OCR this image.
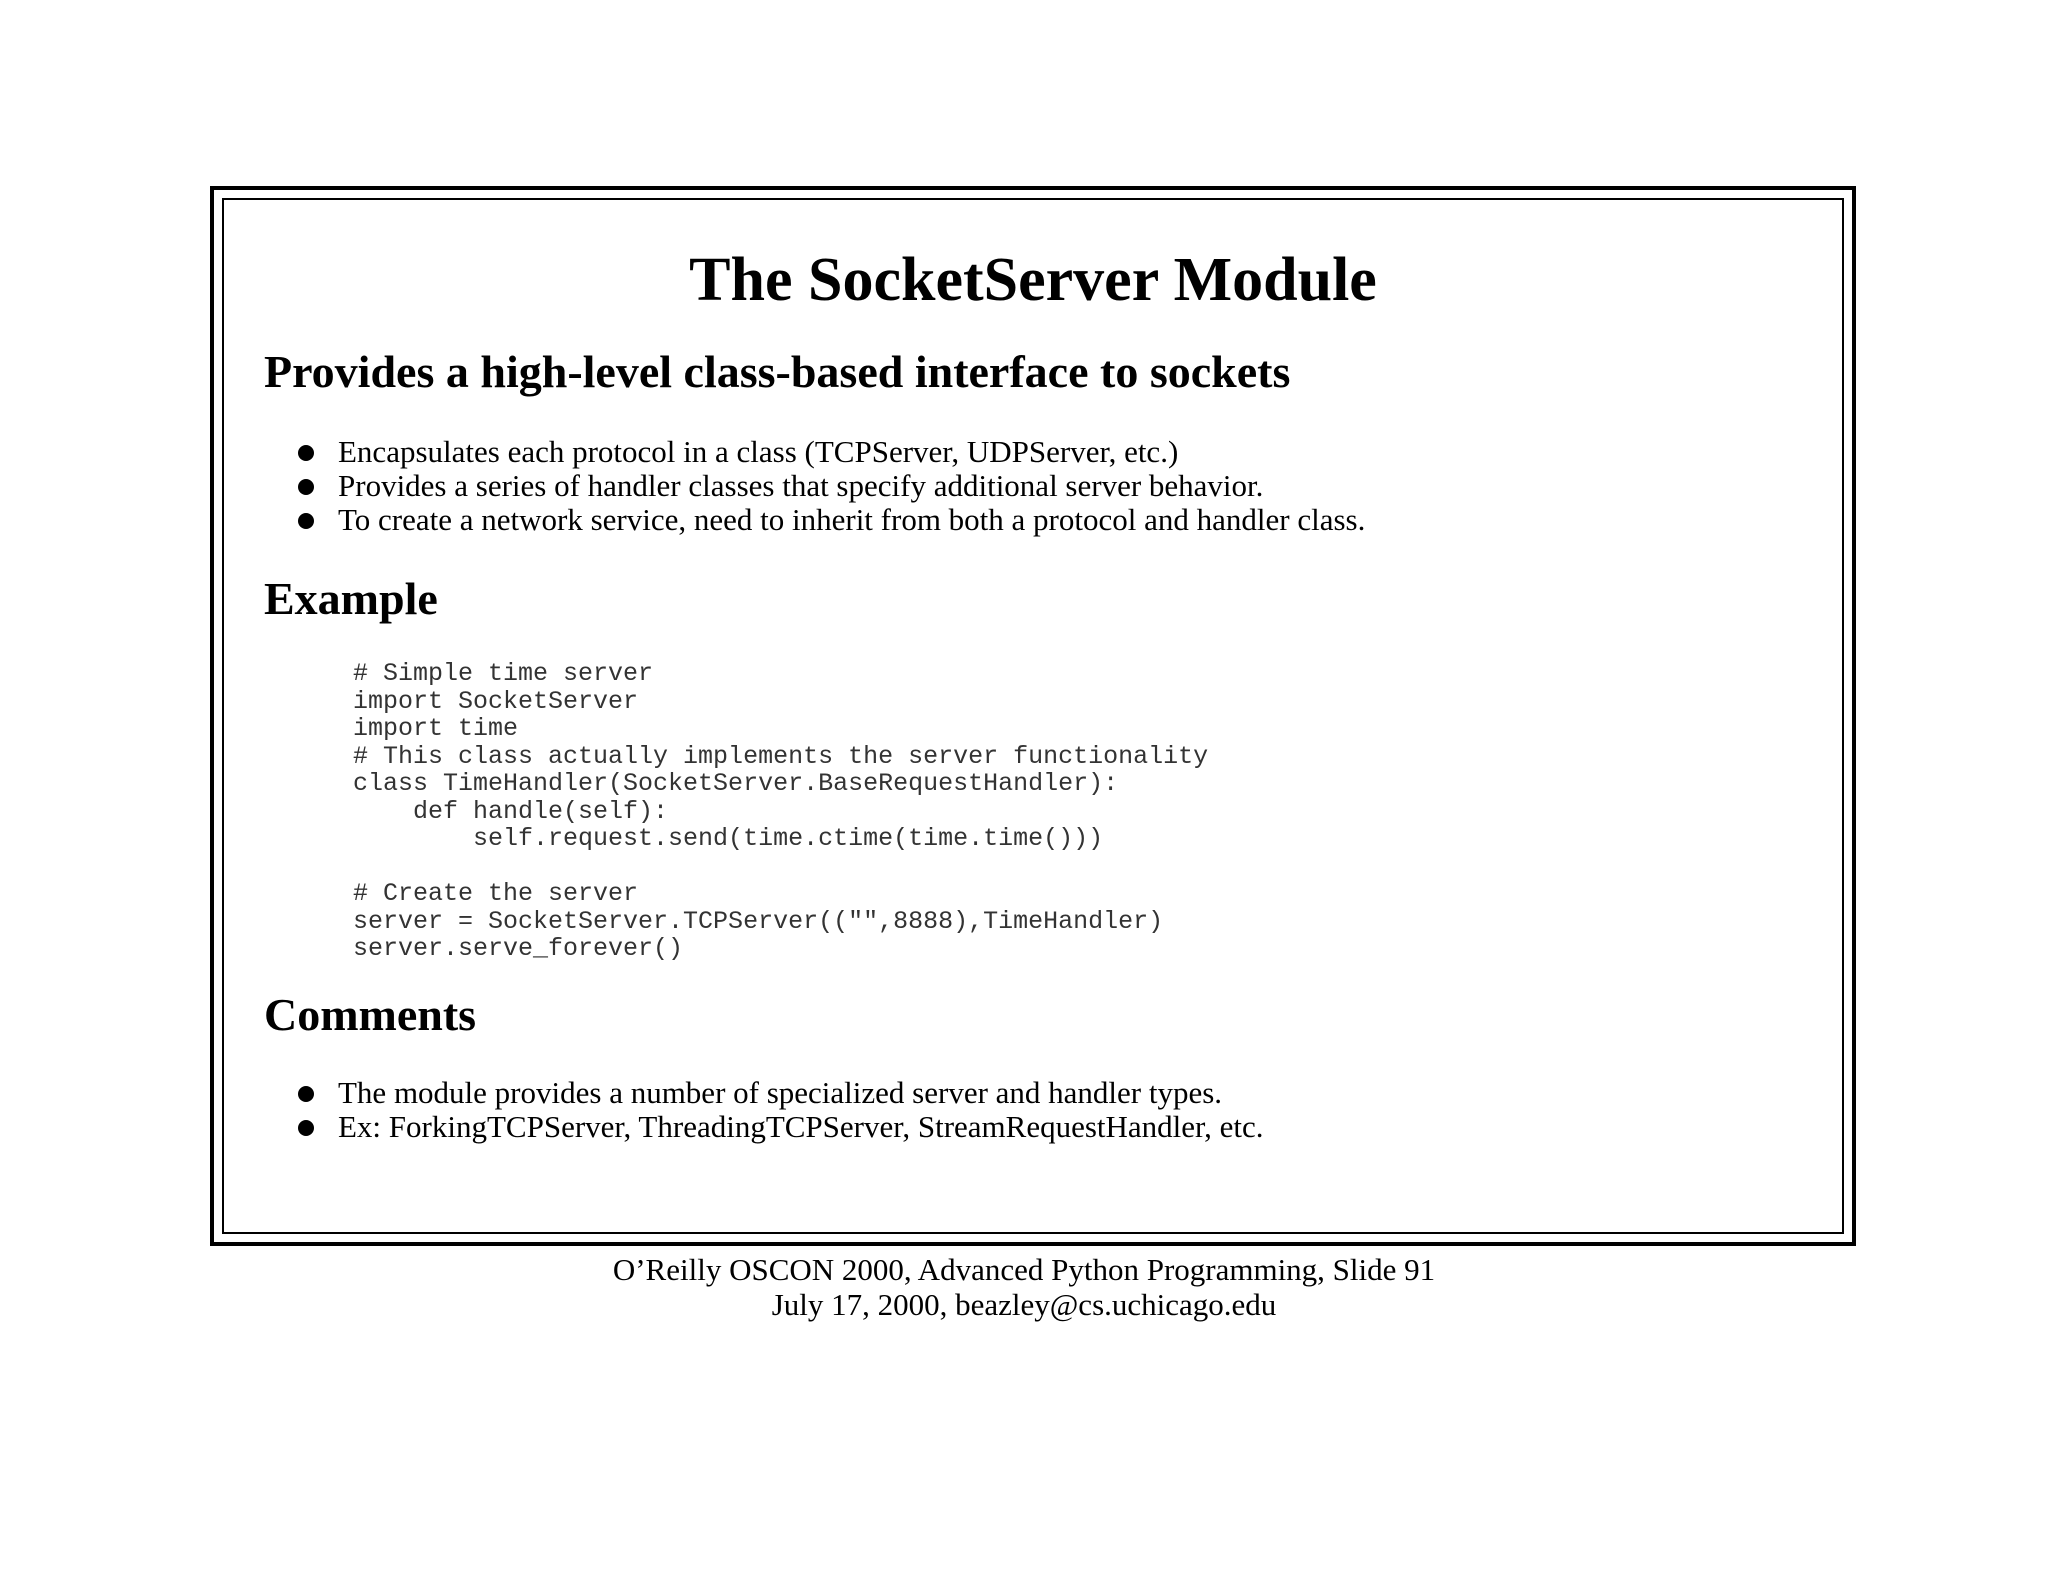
The SocketServer Module
Provides a high-level class-based interface to sockets
Encapsulates each protocol in a class (TCPServer, UDPServer, etc.)
Provides a series of handler classes that specify additional server behavior.
To create a network service, need to inherit from both a protocol and handler class.
Example
# Simple time server
import SocketServer
import time
# This class actually implements the server functionality
class TimeHandler(SocketServer.BaseRequestHandler):
def handle(self):
self.request.send(time.ctime(time.time()))

# Create the server
server = SocketServer.TCPServer(("",8888),TimeHandler)
server.serve_forever()
Comments
The module provides a number of specialized server and handler types.
Ex: ForkingTCPServer, ThreadingTCPServer, StreamRequestHandler, etc.
O’Reilly OSCON 2000, Advanced Python Programming, Slide 91
July 17, 2000, beazley@cs.uchicago.edu
